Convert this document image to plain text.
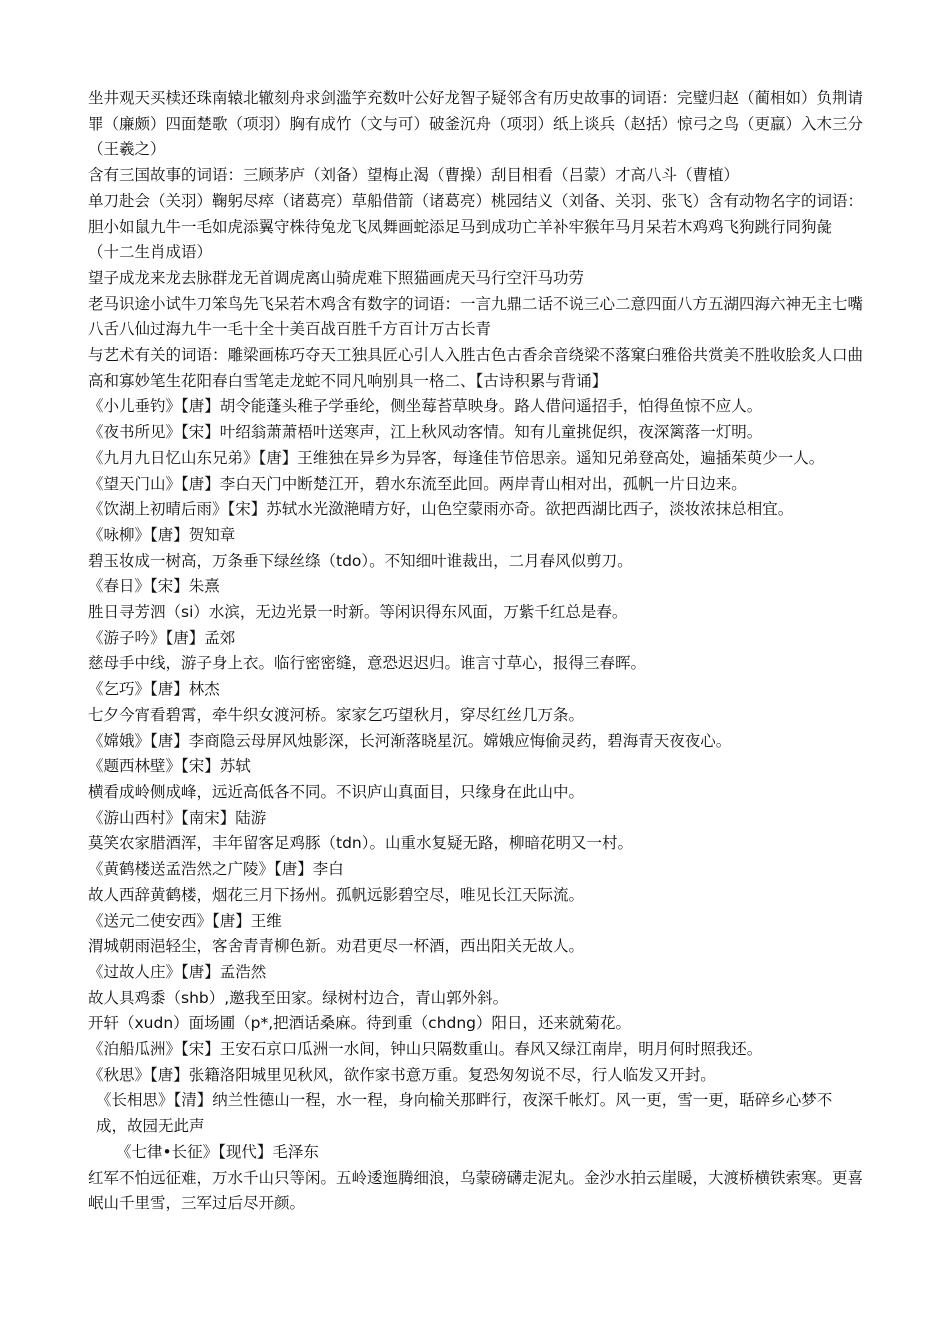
坐井观天买椟还珠南辕北辙刻舟求剑滥竽充数叶公好龙智子疑邻含有历史故事的词语：完璧归赵（蔺相如）负荆请罪（廉颇）四面楚歌（项羽）胸有成竹（文与可）破釜沉舟（项羽）纸上谈兵（赵括）惊弓之鸟（更羸）入木三分（王羲之）

含有三国故事的词语：三顾茅庐（刘备）望梅止渴（曹操）刮目相看（吕蒙）才高八斗（曹植）

单刀赴会（关羽）鞠躬尽瘁（诸葛亮）草船借箭（诸葛亮）桃园结义（刘备、关羽、张飞）含有动物名字的词语：胆小如鼠九牛一毛如虎添翼守株待兔龙飞凤舞画蛇添足马到成功亡羊补牢猴年马月呆若木鸡鸡飞狗跳行同狗彘

（十二生肖成语）

望子成龙来龙去脉群龙无首调虎离山骑虎难下照猫画虎天马行空汗马功劳

老马识途小试牛刀笨鸟先飞呆若木鸡含有数字的词语：一言九鼎二话不说三心二意四面八方五湖四海六神无主七嘴八舌八仙过海九牛一毛十全十美百战百胜千方百计万古长青

与艺术有关的词语：雕梁画栋巧夺天工独具匠心引人入胜古色古香余音绕梁不落窠臼雅俗共赏美不胜收脍炙人口曲高和寡妙笔生花阳春白雪笔走龙蛇不同凡响别具一格二、【古诗积累与背诵】

《小儿垂钓》【唐】胡令能蓬头稚子学垂纶，侧坐莓苔草映身。路人借问遥招手，怕得鱼惊不应人。

《夜书所见》【宋】叶绍翁萧萧梧叶送寒声，江上秋风动客情。知有儿童挑促织，夜深篱落一灯明。

《九月九日忆山东兄弟》【唐】王维独在异乡为异客，每逢佳节倍思亲。遥知兄弟登高处，遍插茱萸少一人。

《望天门山》【唐】李白天门中断楚江开，碧水东流至此回。两岸青山相对出，孤帆一片日边来。

《饮湖上初晴后雨》【宋】苏轼水光潋滟晴方好，山色空蒙雨亦奇。欲把西湖比西子，淡妆浓抹总相宜。

《咏柳》【唐】贺知章

碧玉妆成一树高，万条垂下绿丝绦（tdo）。不知细叶谁裁出，二月春风似剪刀。

《春日》【宋】朱熹

胜日寻芳泗（si）水滨，无边光景一时新。等闲识得东风面，万紫千红总是春。

《游子吟》【唐】孟郊

慈母手中线，游子身上衣。临行密密缝，意恐迟迟归。谁言寸草心，报得三春晖。

《乞巧》【唐】林杰

七夕今宵看碧霄，牵牛织女渡河桥。家家乞巧望秋月，穿尽红丝几万条。

《嫦娥》【唐】李商隐云母屏风烛影深，长河渐落晓星沉。嫦娥应悔偷灵药，碧海青天夜夜心。

《题西林壁》【宋】苏轼

横看成岭侧成峰，远近高低各不同。不识庐山真面目，只缘身在此山中。

《游山西村》【南宋】陆游

莫笑农家腊酒浑，丰年留客足鸡豚（tdn）。山重水复疑无路，柳暗花明又一村。

《黄鹤楼送孟浩然之广陵》【唐】李白

故人西辞黄鹤楼，烟花三月下扬州。孤帆远影碧空尽，唯见长江天际流。

《送元二使安西》【唐】王维

渭城朝雨浥轻尘，客舍青青柳色新。劝君更尽一杯酒，西出阳关无故人。

《过故人庄》【唐】孟浩然

故人具鸡黍（shb）,邀我至田家。绿树村边合，青山郭外斜。

开轩（xudn）面场圃（p*,把酒话桑麻。待到重（chdng）阳日，还来就菊花。

《泊船瓜洲》【宋】王安石京口瓜洲一水间，钟山只隔数重山。春风又绿江南岸，明月何时照我还。

《秋思》【唐】张籍洛阳城里见秋风，欲作家书意万重。复恐匆匆说不尽，行人临发又开封。

《长相思》【清】纳兰性德山一程，水一程，身向榆关那畔行，夜深千帐灯。风一更，雪一更，聒碎乡心梦不成，故园无此声

《七律•长征》【现代】毛泽东

红军不怕远征难，万水千山只等闲。五岭逶迤腾细浪，乌蒙磅礴走泥丸。金沙水拍云崖暖，大渡桥横铁索寒。更喜岷山千里雪，三军过后尽开颜。
